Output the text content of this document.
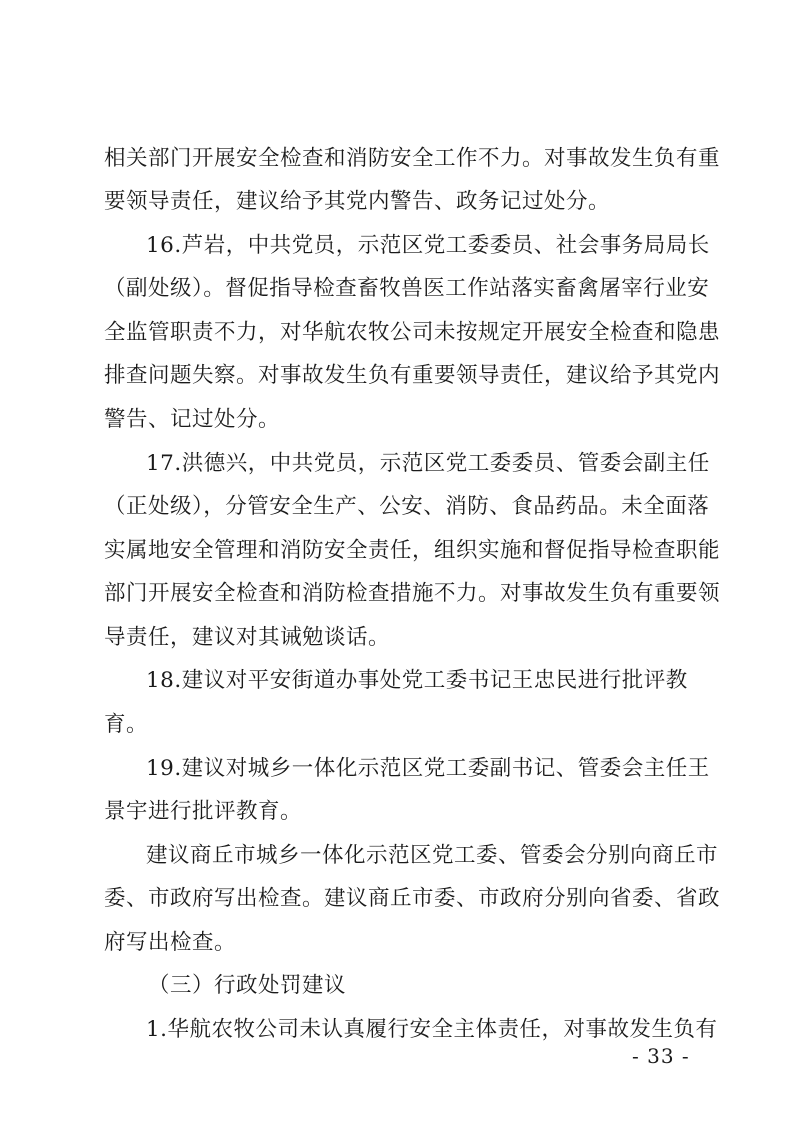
相关部门开展安全检查和消防安全工作不力。对事故发生负有重
要领导责任，建议给予其党内警告、政务记过处分。
16.芦岩，中共党员，示范区党工委委员、社会事务局局长
（副处级）。督促指导检查畜牧兽医工作站落实畜禽屠宰行业安
全监管职责不力，对华航农牧公司未按规定开展安全检查和隐患
排查问题失察。对事故发生负有重要领导责任，建议给予其党内
警告、记过处分。
17.洪德兴，中共党员，示范区党工委委员、管委会副主任
（正处级），分管安全生产、公安、消防、食品药品。未全面落
实属地安全管理和消防安全责任，组织实施和督促指导检查职能
部门开展安全检查和消防检查措施不力。对事故发生负有重要领
导责任，建议对其诫勉谈话。
18.建议对平安街道办事处党工委书记王忠民进行批评教
育。
19.建议对城乡一体化示范区党工委副书记、管委会主任王
景宇进行批评教育。
建议商丘市城乡一体化示范区党工委、管委会分别向商丘市
委、市政府写出检查。建议商丘市委、市政府分别向省委、省政
府写出检查。
（三）行政处罚建议
1.华航农牧公司未认真履行安全主体责任，对事故发生负有
- 33 -
